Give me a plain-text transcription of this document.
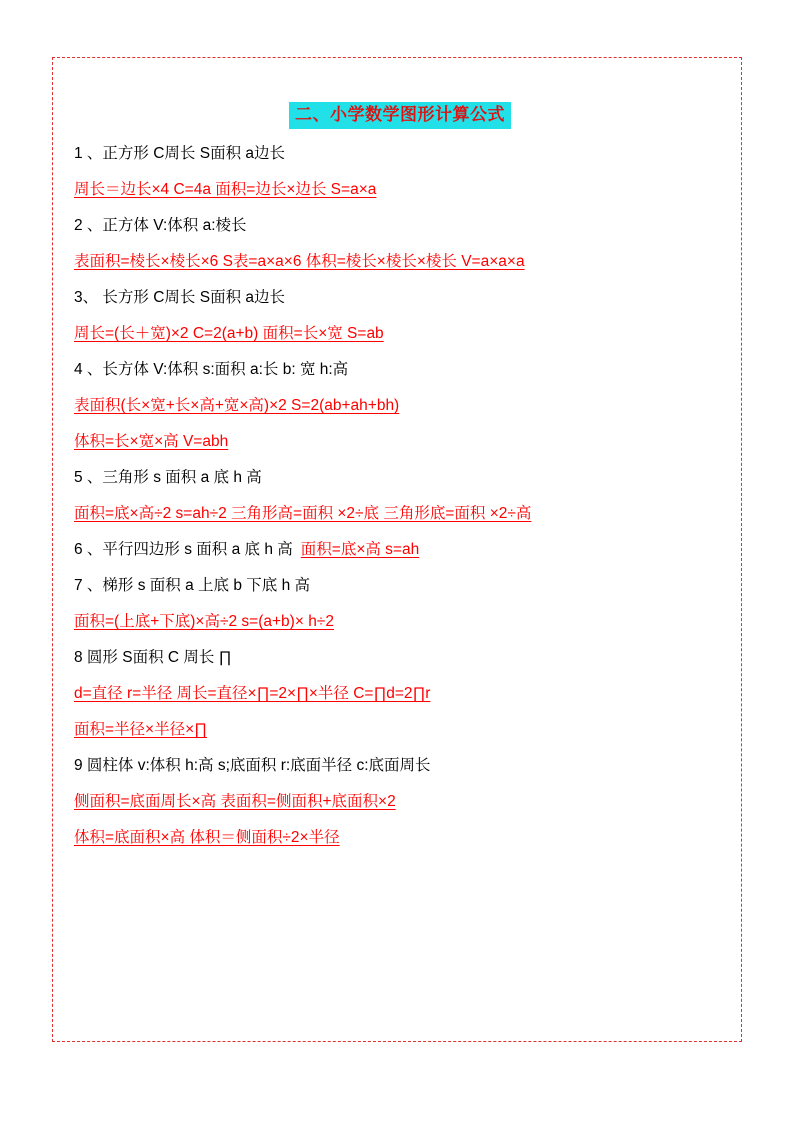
二、小学数学图形计算公式
1 、正方形 C周长 S面积 a边长
周长＝边长×4 C=4a 面积=边长×边长 S=a×a
2 、正方体 V:体积 a:棱长
表面积=棱长×棱长×6 S表=a×a×6 体积=棱长×棱长×棱长 V=a×a×a
3、 长方形 C周长 S面积 a边长
周长=(长＋宽)×2 C=2(a+b) 面积=长×宽 S=ab
4 、长方体 V:体积 s:面积 a:长 b: 宽 h:高
表面积(长×宽+长×高+宽×高)×2 S=2(ab+ah+bh)
体积=长×宽×高 V=abh
5 、三角形 s 面积 a 底 h 高
面积=底×高÷2 s=ah÷2 三角形高=面积 ×2÷底 三角形底=面积 ×2÷高
6 、平行四边形 s 面积 a 底 h 高 面积=底×高 s=ah
7 、梯形 s 面积 a 上底 b 下底 h 高
面积=(上底+下底)×高÷2 s=(a+b)× h÷2
8 圆形 S面积 C 周长 ∏
d=直径 r=半径 周长=直径×∏=2×∏×半径 C=∏d=2∏r
面积=半径×半径×∏
9 圆柱体 v:体积 h:高 s;底面积 r:底面半径 c:底面周长
侧面积=底面周长×高 表面积=侧面积+底面积×2
体积=底面积×高 体积＝侧面积÷2×半径
